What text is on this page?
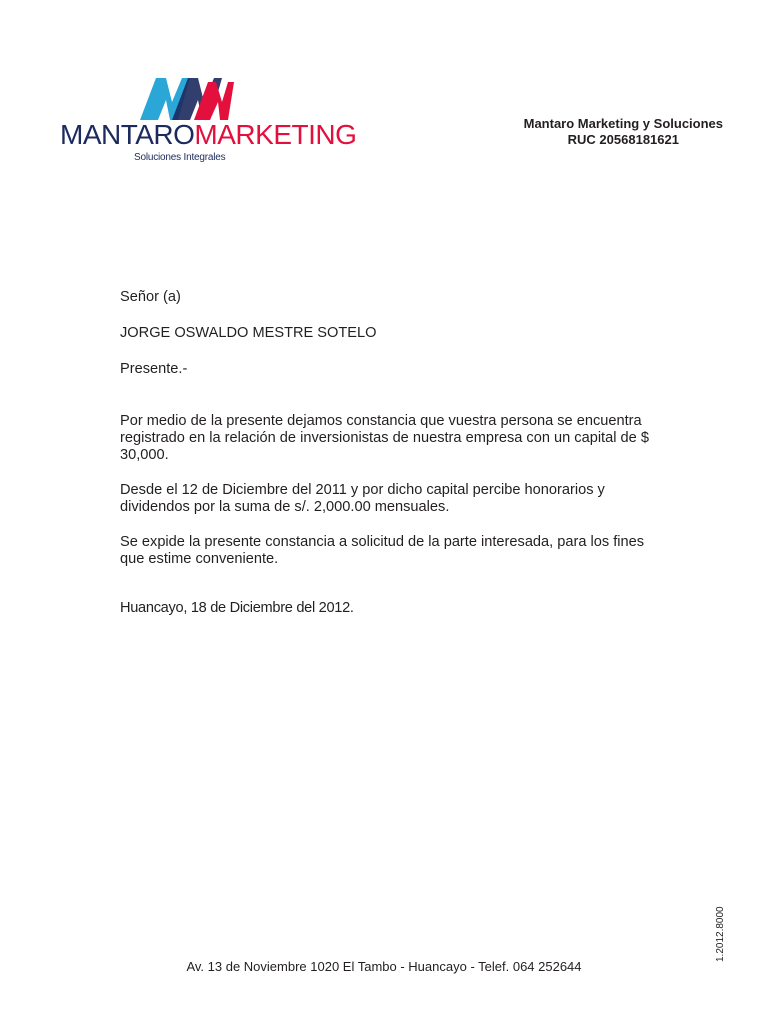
MANTAROMARKETING
Soluciones Integrales
Mantaro Marketing y Soluciones
RUC 20568181621

Señor (a)

JORGE OSWALDO MESTRE SOTELO

Presente.-

Por medio de la presente dejamos constancia que vuestra persona se encuentra registrado en la relación de inversionistas de nuestra empresa con un capital de $ 30,000.

Desde el 12 de Diciembre del 2011 y por dicho capital percibe honorarios y dividendos por la suma de s/. 2,000.00 mensuales.

Se expide la presente constancia a solicitud de la parte interesada, para los fines que estime conveniente.

Huancayo, 18 de Diciembre del 2012.

Av. 13 de Noviembre 1020 El Tambo - Huancayo - Telef. 064 252644
1.2012.8000
